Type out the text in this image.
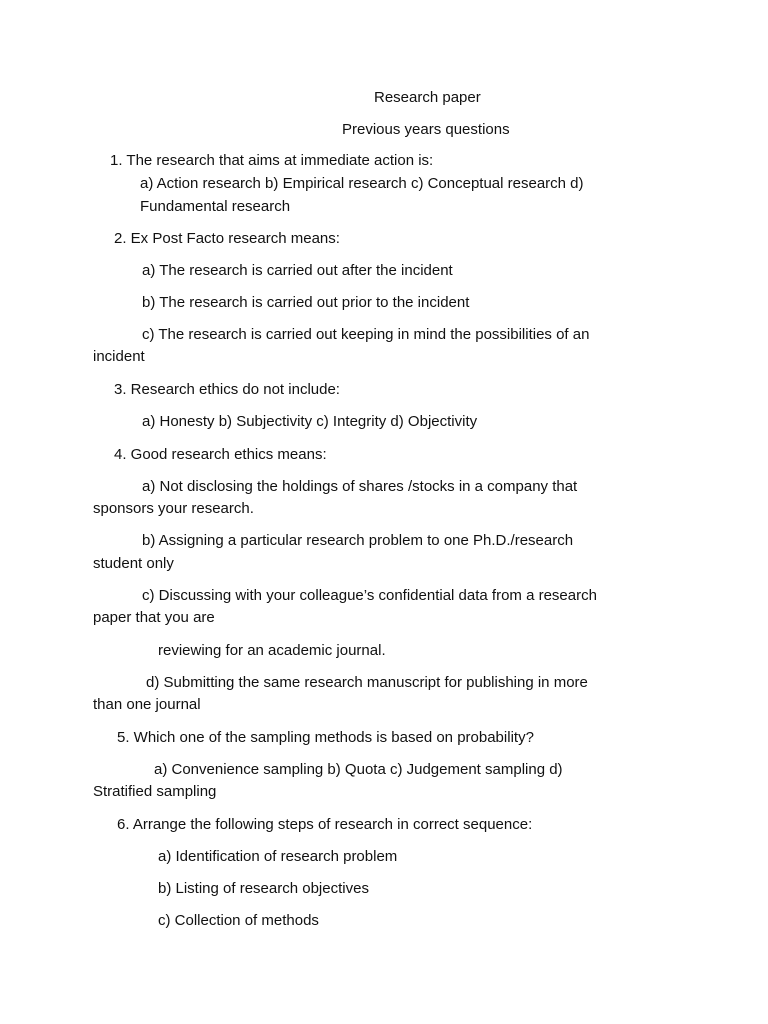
Research paper
Previous years questions
1. The research that aims at immediate action is:
a) Action research b) Empirical research c) Conceptual research d)
Fundamental research
2. Ex Post Facto research means:
a) The research is carried out after the incident
b) The research is carried out prior to the incident
c) The research is carried out keeping in mind the possibilities of an
incident
3. Research ethics do not include:
a) Honesty b) Subjectivity c) Integrity d) Objectivity
4. Good research ethics means:
a) Not disclosing the holdings of shares /stocks in a company that
sponsors your research.
b) Assigning a particular research problem to one Ph.D./research
student only
c) Discussing with your colleague’s confidential data from a research
paper that you are
reviewing for an academic journal.
d) Submitting the same research manuscript for publishing in more
than one journal
5. Which one of the sampling methods is based on probability?
a) Convenience sampling b) Quota c) Judgement sampling d)
Stratified sampling
6. Arrange the following steps of research in correct sequence:
a) Identification of research problem
b) Listing of research objectives
c) Collection of methods
